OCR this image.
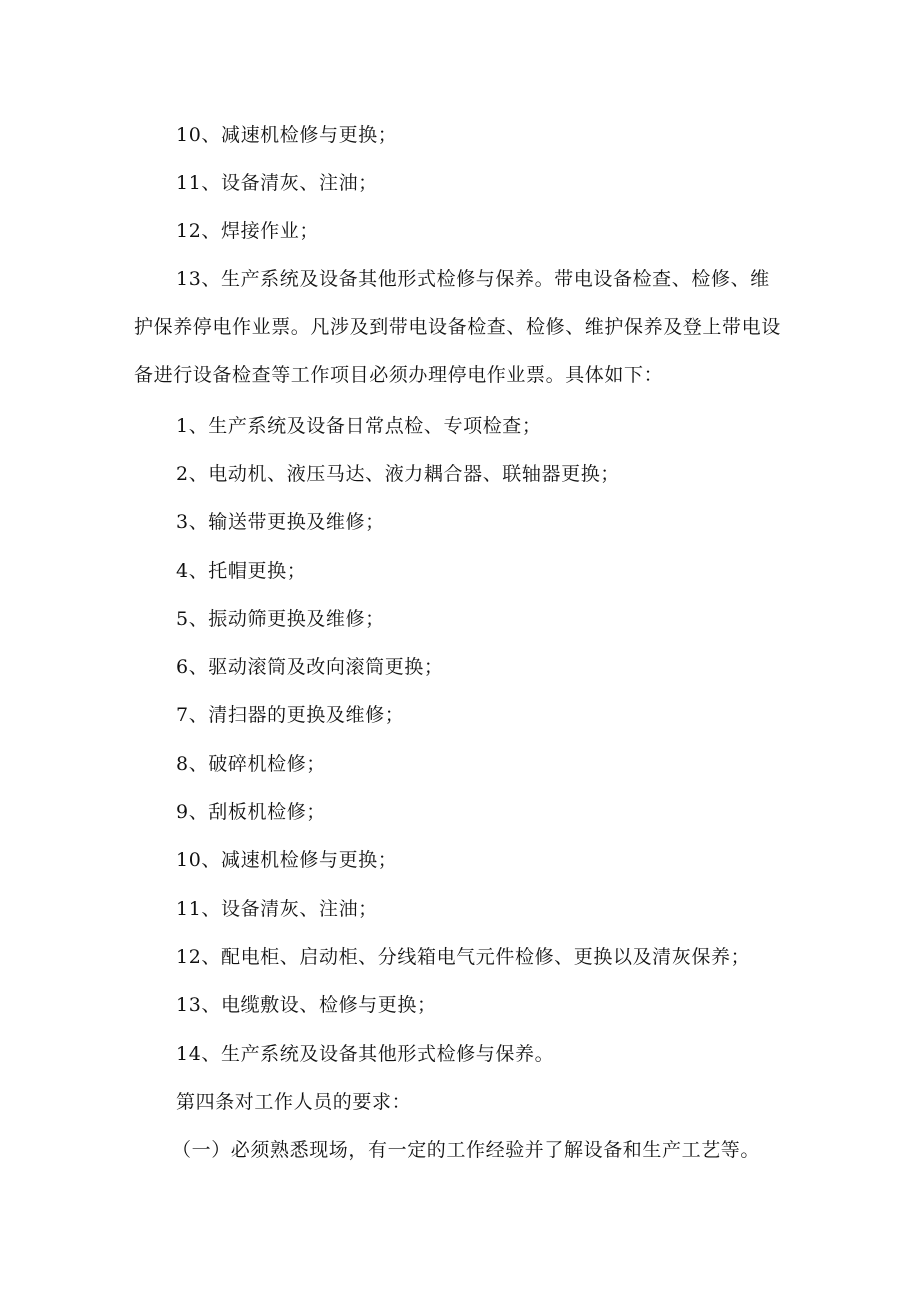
10、减速机检修与更换；
11、设备清灰、注油；
12、焊接作业；
13、生产系统及设备其他形式检修与保养。带电设备检查、检修、维
护保养停电作业票。凡涉及到带电设备检查、检修、维护保养及登上带电设
备进行设备检查等工作项目必须办理停电作业票。具体如下：
1、生产系统及设备日常点检、专项检查；
2、电动机、液压马达、液力耦合器、联轴器更换；
3、输送带更换及维修；
4、托帽更换；
5、振动筛更换及维修；
6、驱动滚筒及改向滚筒更换；
7、清扫器的更换及维修；
8、破碎机检修；
9、刮板机检修；
10、减速机检修与更换；
11、设备清灰、注油；
12、配电柜、启动柜、分线箱电气元件检修、更换以及清灰保养；
13、电缆敷设、检修与更换；
14、生产系统及设备其他形式检修与保养。
第四条对工作人员的要求：
（一）必须熟悉现场，有一定的工作经验并了解设备和生产工艺等。
